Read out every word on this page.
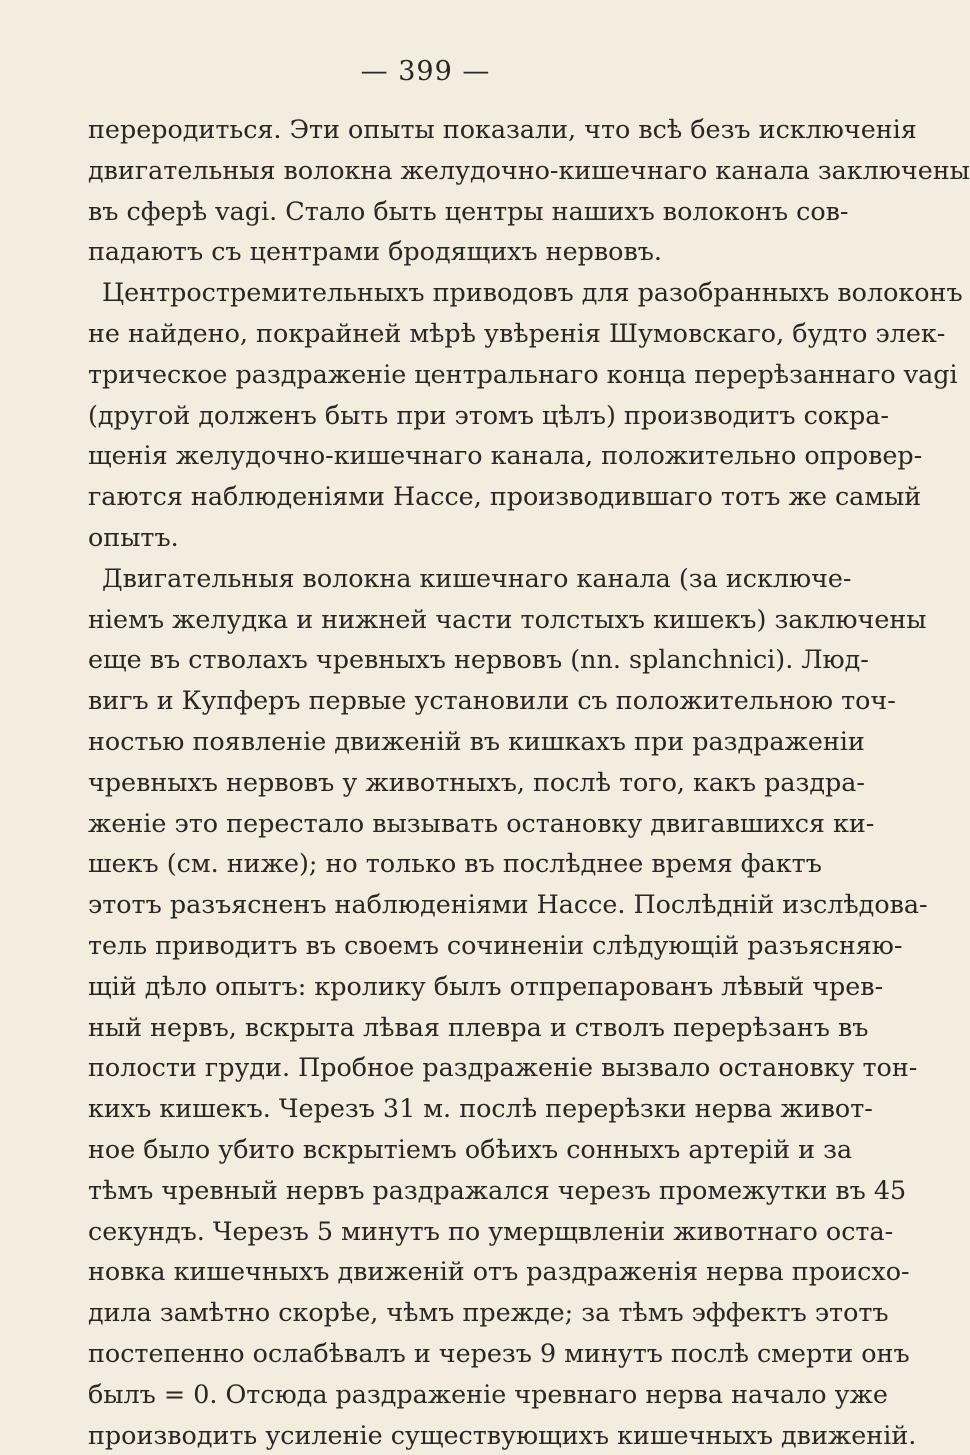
— 399 —
переродиться. Эти опыты показали, что всѣ безъ исключенія
двигательныя волокна желудочно-кишечнаго канала заключены
въ сферѣ vagi. Стало быть центры нашихъ волоконъ сов-
падаютъ съ центрами бродящихъ нервовъ.
Центростремительныхъ приводовъ для разобранныхъ волоконъ
не найдено, покрайней мѣрѣ увѣренія Шумовскаго, будто элек-
трическое раздраженіе центральнаго конца перерѣзаннаго vagi
(другой долженъ быть при этомъ цѣлъ) производитъ сокра-
щенія желудочно-кишечнаго канала, положительно опровер-
гаются наблюденіями Нассе, производившаго тотъ же самый
опытъ.
Двигательныя волокна кишечнаго канала (за исключе-
ніемъ желудка и нижней части толстыхъ кишекъ) заключены
еще въ стволахъ чревныхъ нервовъ (nn. splanchnici). Люд-
вигъ и Купферъ первые установили съ положительною точ-
ностью появленіе движеній въ кишкахъ при раздраженіи
чревныхъ нервовъ у животныхъ, послѣ того, какъ раздра-
женіе это перестало вызывать остановку двигавшихся ки-
шекъ (см. ниже); но только въ послѣднее время фактъ
этотъ разъясненъ наблюденіями Нассе. Послѣдній изслѣдова-
тель приводитъ въ своемъ сочиненіи слѣдующій разъясняю-
щій дѣло опытъ: кролику былъ отпрепарованъ лѣвый чрев-
ный нервъ, вскрыта лѣвая плевра и стволъ перерѣзанъ въ
полости груди. Пробное раздраженіе вызвало остановку тон-
кихъ кишекъ. Черезъ 31 м. послѣ перерѣзки нерва живот-
ное было убито вскрытіемъ обѣихъ сонныхъ артерій и за
тѣмъ чревный нервъ раздражался черезъ промежутки въ 45
секундъ. Черезъ 5 минутъ по умерщвленіи животнаго оста-
новка кишечныхъ движеній отъ раздраженія нерва происхо-
дила замѣтно скорѣе, чѣмъ прежде; за тѣмъ эффектъ этотъ
постепенно ослабѣвалъ и черезъ 9 минутъ послѣ смерти онъ
былъ = 0. Отсюда раздраженіе чревнаго нерва начало уже
производить усиленіе существующихъ кишечныхъ движеній.
